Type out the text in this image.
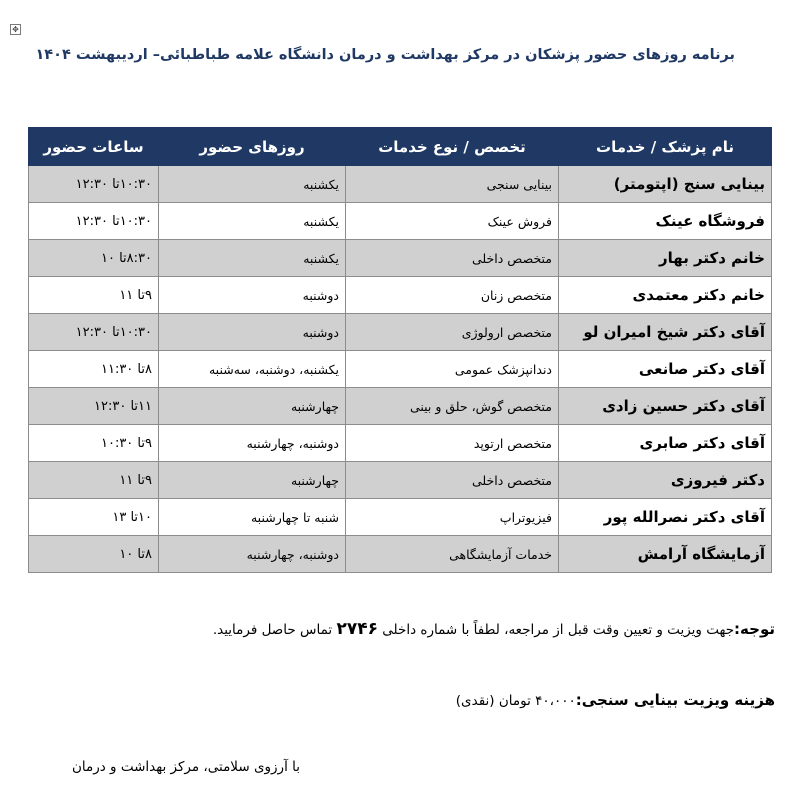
✥
برنامه روزهای حضور پزشکان در مرکز بهداشت و درمان دانشگاه علامه طباطبائی– اردیبهشت ۱۴۰۴
نام پزشک / خدمات	تخصص / نوع خدمات	روزهای حضور	ساعات حضور
بینایی سنج (اپتومتر)	بینایی سنجی	یکشنبه	۱۰:۳۰تا ۱۲:۳۰
فروشگاه عینک	فروش عینک	یکشنبه	۱۰:۳۰تا ۱۲:۳۰
خانم دکتر بهار	متخصص داخلی	یکشنبه	۸:۳۰تا ۱۰
خانم دکتر معتمدی	متخصص زنان	دوشنبه	۹تا ۱۱
آقای دکتر شیخ امیران لو	متخصص ارولوژی	دوشنبه	۱۰:۳۰تا ۱۲:۳۰
آقای دکتر صانعی	دندانپزشک عمومی	یکشنبه، دوشنبه، سه‌شنبه	۸تا ۱۱:۳۰
آقای دکتر حسین زادی	متخصص گوش، حلق و بینی	چهارشنبه	۱۱تا ۱۲:۳۰
آقای دکتر صابری	متخصص ارتوپد	دوشنبه، چهارشنبه	۹تا ۱۰:۳۰
دکتر فیروزی	متخصص داخلی	چهارشنبه	۹تا ۱۱
آقای دکتر نصرالله پور	فیزیوتراپ	شنبه تا چهارشنبه	۱۰تا ۱۳
آزمایشگاه آرامش	خدمات آزمایشگاهی	دوشنبه، چهارشنبه	۸تا ۱۰
توجه:جهت ویزیت و تعیین وقت قبل از مراجعه، لطفاً با شماره داخلی ۲۷۴۶ تماس حاصل فرمایید.
هزینه ویزیت بینایی سنجی:۴۰،۰۰۰ تومان (نقدی)
با آرزوی سلامتی، مرکز بهداشت و درمان
